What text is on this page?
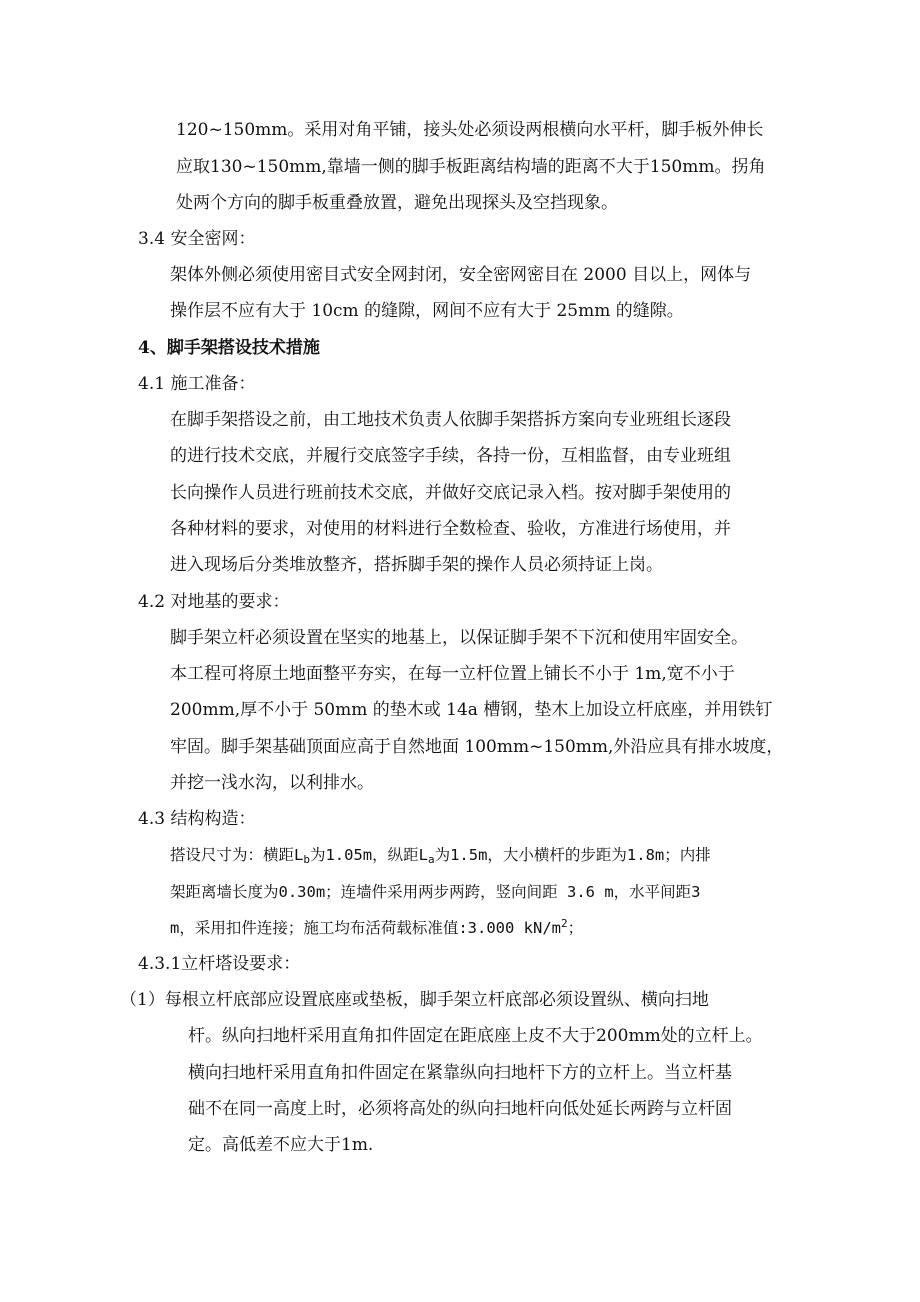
120~150mm。采用对角平铺，接头处必须设两根横向水平杆，脚手板外伸长
应取130~150mm,靠墙一侧的脚手板距离结构墙的距离不大于150mm。拐角
处两个方向的脚手板重叠放置，避免出现探头及空挡现象。
3.4 安全密网：
架体外侧必须使用密目式安全网封闭，安全密网密目在 2000 目以上，网体与
操作层不应有大于 10cm 的缝隙，网间不应有大于 25mm 的缝隙。
4、脚手架搭设技术措施
4.1 施工准备：
在脚手架搭设之前，由工地技术负责人依脚手架搭拆方案向专业班组长逐段
的进行技术交底，并履行交底签字手续，各持一份，互相监督，由专业班组
长向操作人员进行班前技术交底，并做好交底记录入档。按对脚手架使用的
各种材料的要求，对使用的材料进行全数检查、验收，方准进行场使用，并
进入现场后分类堆放整齐，搭拆脚手架的操作人员必须持证上岗。
4.2 对地基的要求：
脚手架立杆必须设置在坚实的地基上，以保证脚手架不下沉和使用牢固安全。
本工程可将原土地面整平夯实，在每一立杆位置上铺长不小于 1m,宽不小于
200mm,厚不小于 50mm 的垫木或 14a 槽钢，垫木上加设立杆底座，并用铁钉
牢固。脚手架基础顶面应高于自然地面 100mm~150mm,外沿应具有排水坡度，
并挖一浅水沟，以利排水。
4.3 结构构造：
搭设尺寸为：横距$L_b$为1.05m，纵距$L_a$为1.5m，大小横杆的步距为1.8m；内排
架距离墙长度为0.30m；连墙件采用两步两跨，竖向间距 3.6 m，水平间距3
m，采用扣件连接；施工均布活荷载标准值:3.000 $kN/m^2$；
4.3.1立杆塔设要求：
（1）每根立杆底部应设置底座或垫板，脚手架立杆底部必须设置纵、横向扫地
杆。纵向扫地杆采用直角扣件固定在距底座上皮不大于200mm处的立杆上。
横向扫地杆采用直角扣件固定在紧靠纵向扫地杆下方的立杆上。当立杆基
础不在同一高度上时，必须将高处的纵向扫地杆向低处延长两跨与立杆固
定。高低差不应大于1m.
